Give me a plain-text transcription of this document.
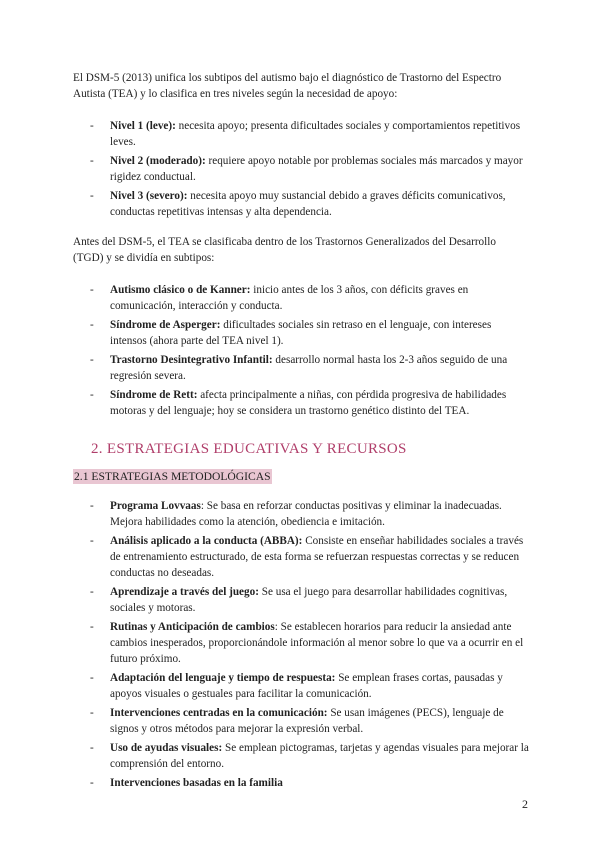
El DSM-5 (2013) unifica los subtipos del autismo bajo el diagnóstico de Trastorno del Espectro Autista (TEA) y lo clasifica en tres niveles según la necesidad de apoyo:

- Nivel 1 (leve): necesita apoyo; presenta dificultades sociales y comportamientos repetitivos leves.
- Nivel 2 (moderado): requiere apoyo notable por problemas sociales más marcados y mayor rigidez conductual.
- Nivel 3 (severo): necesita apoyo muy sustancial debido a graves déficits comunicativos, conductas repetitivas intensas y alta dependencia.

Antes del DSM-5, el TEA se clasificaba dentro de los Trastornos Generalizados del Desarrollo (TGD) y se dividía en subtipos:

- Autismo clásico o de Kanner: inicio antes de los 3 años, con déficits graves en comunicación, interacción y conducta.
- Síndrome de Asperger: dificultades sociales sin retraso en el lenguaje, con intereses intensos (ahora parte del TEA nivel 1).
- Trastorno Desintegrativo Infantil: desarrollo normal hasta los 2-3 años seguido de una regresión severa.
- Síndrome de Rett: afecta principalmente a niñas, con pérdida progresiva de habilidades motoras y del lenguaje; hoy se considera un trastorno genético distinto del TEA.
2. ESTRATEGIAS EDUCATIVAS Y RECURSOS
2.1 ESTRATEGIAS METODOLÓGICAS
- Programa Lovvaas: Se basa en reforzar conductas positivas y eliminar la inadecuadas. Mejora habilidades como la atención, obediencia e imitación.
- Análisis aplicado a la conducta (ABBA): Consiste en enseñar habilidades sociales a través de entrenamiento estructurado, de esta forma se refuerzan respuestas correctas y se reducen conductas no deseadas.
- Aprendizaje a través del juego: Se usa el juego para desarrollar habilidades cognitivas, sociales y motoras.
- Rutinas y Anticipación de cambios: Se establecen horarios para reducir la ansiedad ante cambios inesperados, proporcionándole información al menor sobre lo que va a ocurrir en el futuro próximo.
- Adaptación del lenguaje y tiempo de respuesta: Se emplean frases cortas, pausadas y apoyos visuales o gestuales para facilitar la comunicación.
- Intervenciones centradas en la comunicación: Se usan imágenes (PECS), lenguaje de signos y otros métodos para mejorar la expresión verbal.
- Uso de ayudas visuales: Se emplean pictogramas, tarjetas y agendas visuales para mejorar la comprensión del entorno.
- Intervenciones basadas en la familia
2
